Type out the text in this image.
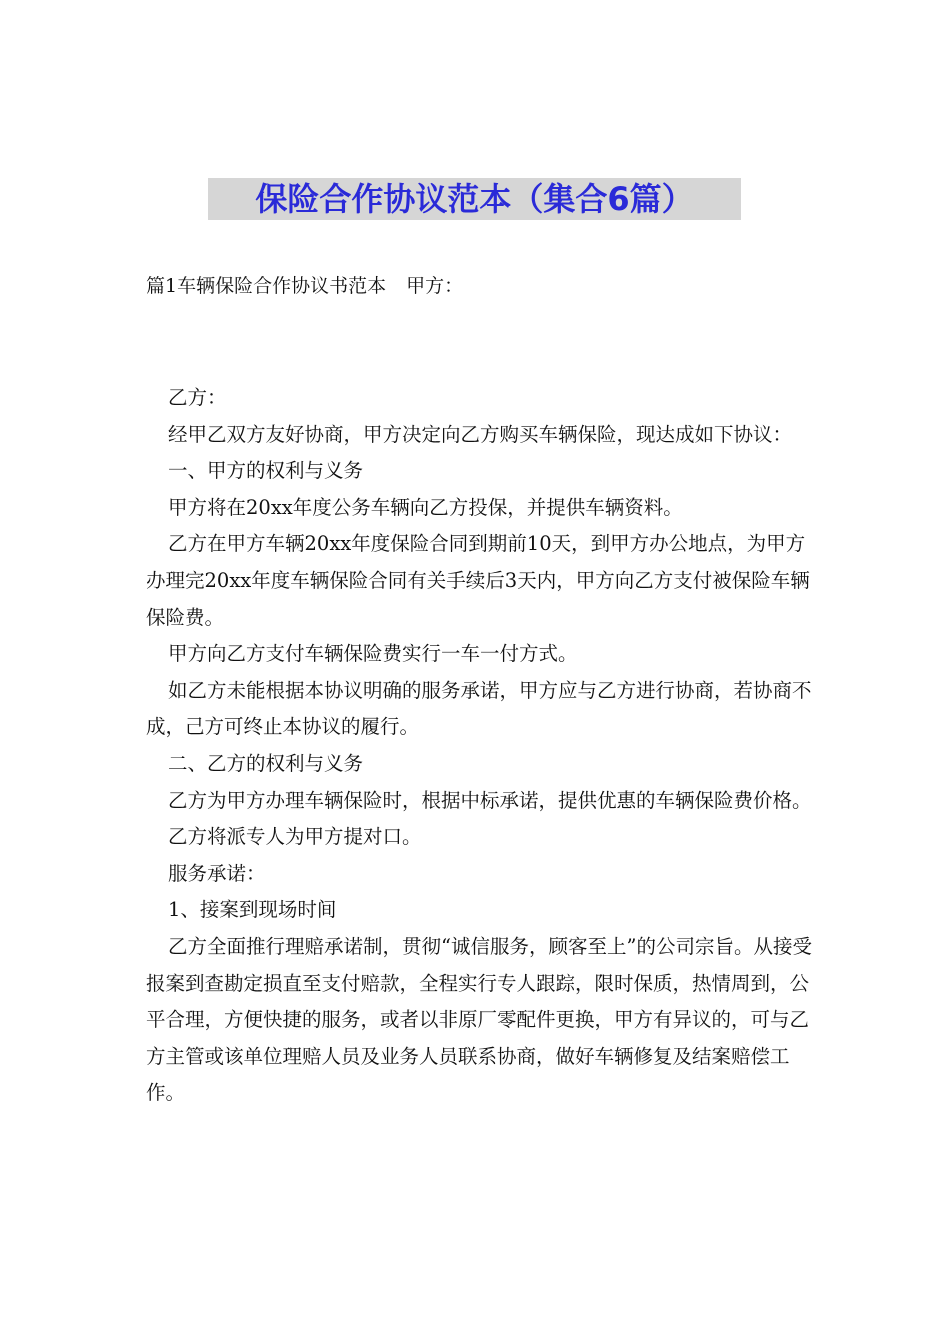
保险合作协议范本（集合6篇）
篇1车辆保险合作协议书范本 甲方：

乙方：

经甲乙双方友好协商，甲方决定向乙方购买车辆保险，现达成如下协议：

一、甲方的权利与义务

甲方将在20xx年度公务车辆向乙方投保，并提供车辆资料。

乙方在甲方车辆20xx年度保险合同到期前10天，到甲方办公地点，为甲方办理完20xx年度车辆保险合同有关手续后3天内，甲方向乙方支付被保险车辆保险费。

甲方向乙方支付车辆保险费实行一车一付方式。

如乙方未能根据本协议明确的服务承诺，甲方应与乙方进行协商，若协商不成，己方可终止本协议的履行。

二、乙方的权利与义务

乙方为甲方办理车辆保险时，根据中标承诺，提供优惠的车辆保险费价格。

乙方将派专人为甲方提对口。

服务承诺：

1、接案到现场时间

乙方全面推行理赔承诺制，贯彻“诚信服务，顾客至上”的公司宗旨。从接受报案到查勘定损直至支付赔款，全程实行专人跟踪，限时保质，热情周到，公平合理，方便快捷的服务，或者以非原厂零配件更换，甲方有异议的，可与乙方主管或该单位理赔人员及业务人员联系协商，做好车辆修复及结案赔偿工作。
